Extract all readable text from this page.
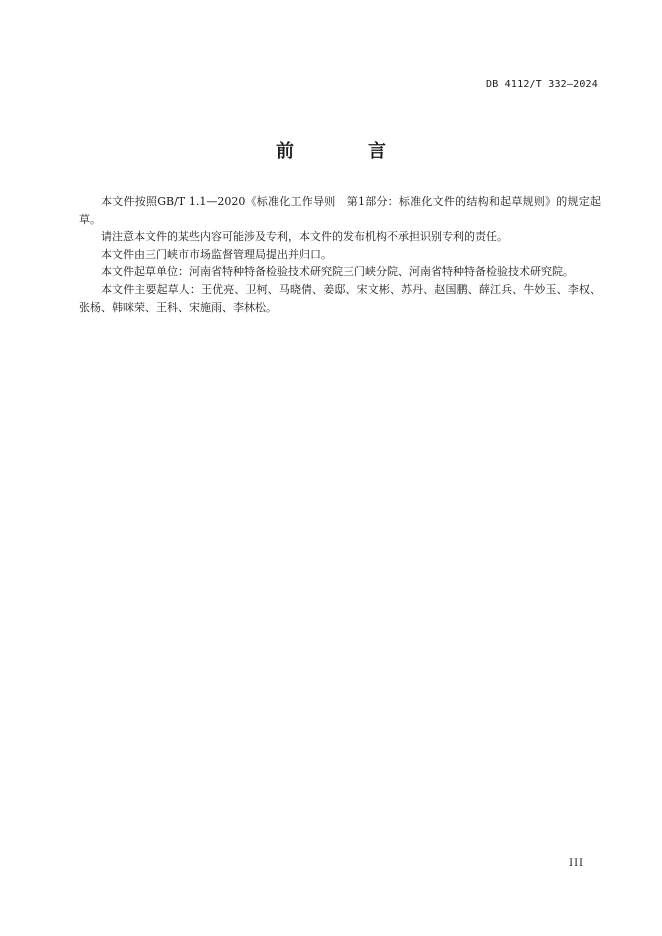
DB 4112/T 332—2024
前　言

本文件按照GB/T 1.1—2020《标准化工作导则　第1部分：标准化文件的结构和起草规则》的规定起草。

请注意本文件的某些内容可能涉及专利，本文件的发布机构不承担识别专利的责任。

本文件由三门峡市市场监督管理局提出并归口。

本文件起草单位：河南省特种特备检验技术研究院三门峡分院、河南省特种特备检验技术研究院。

本文件主要起草人：王优亮、卫柯、马晓倩、姜邸、宋文彬、苏丹、赵国鹏、薛江兵、牛妙玉、李权、张杨、韩咪荣、王科、宋施雨、李林松。

III
